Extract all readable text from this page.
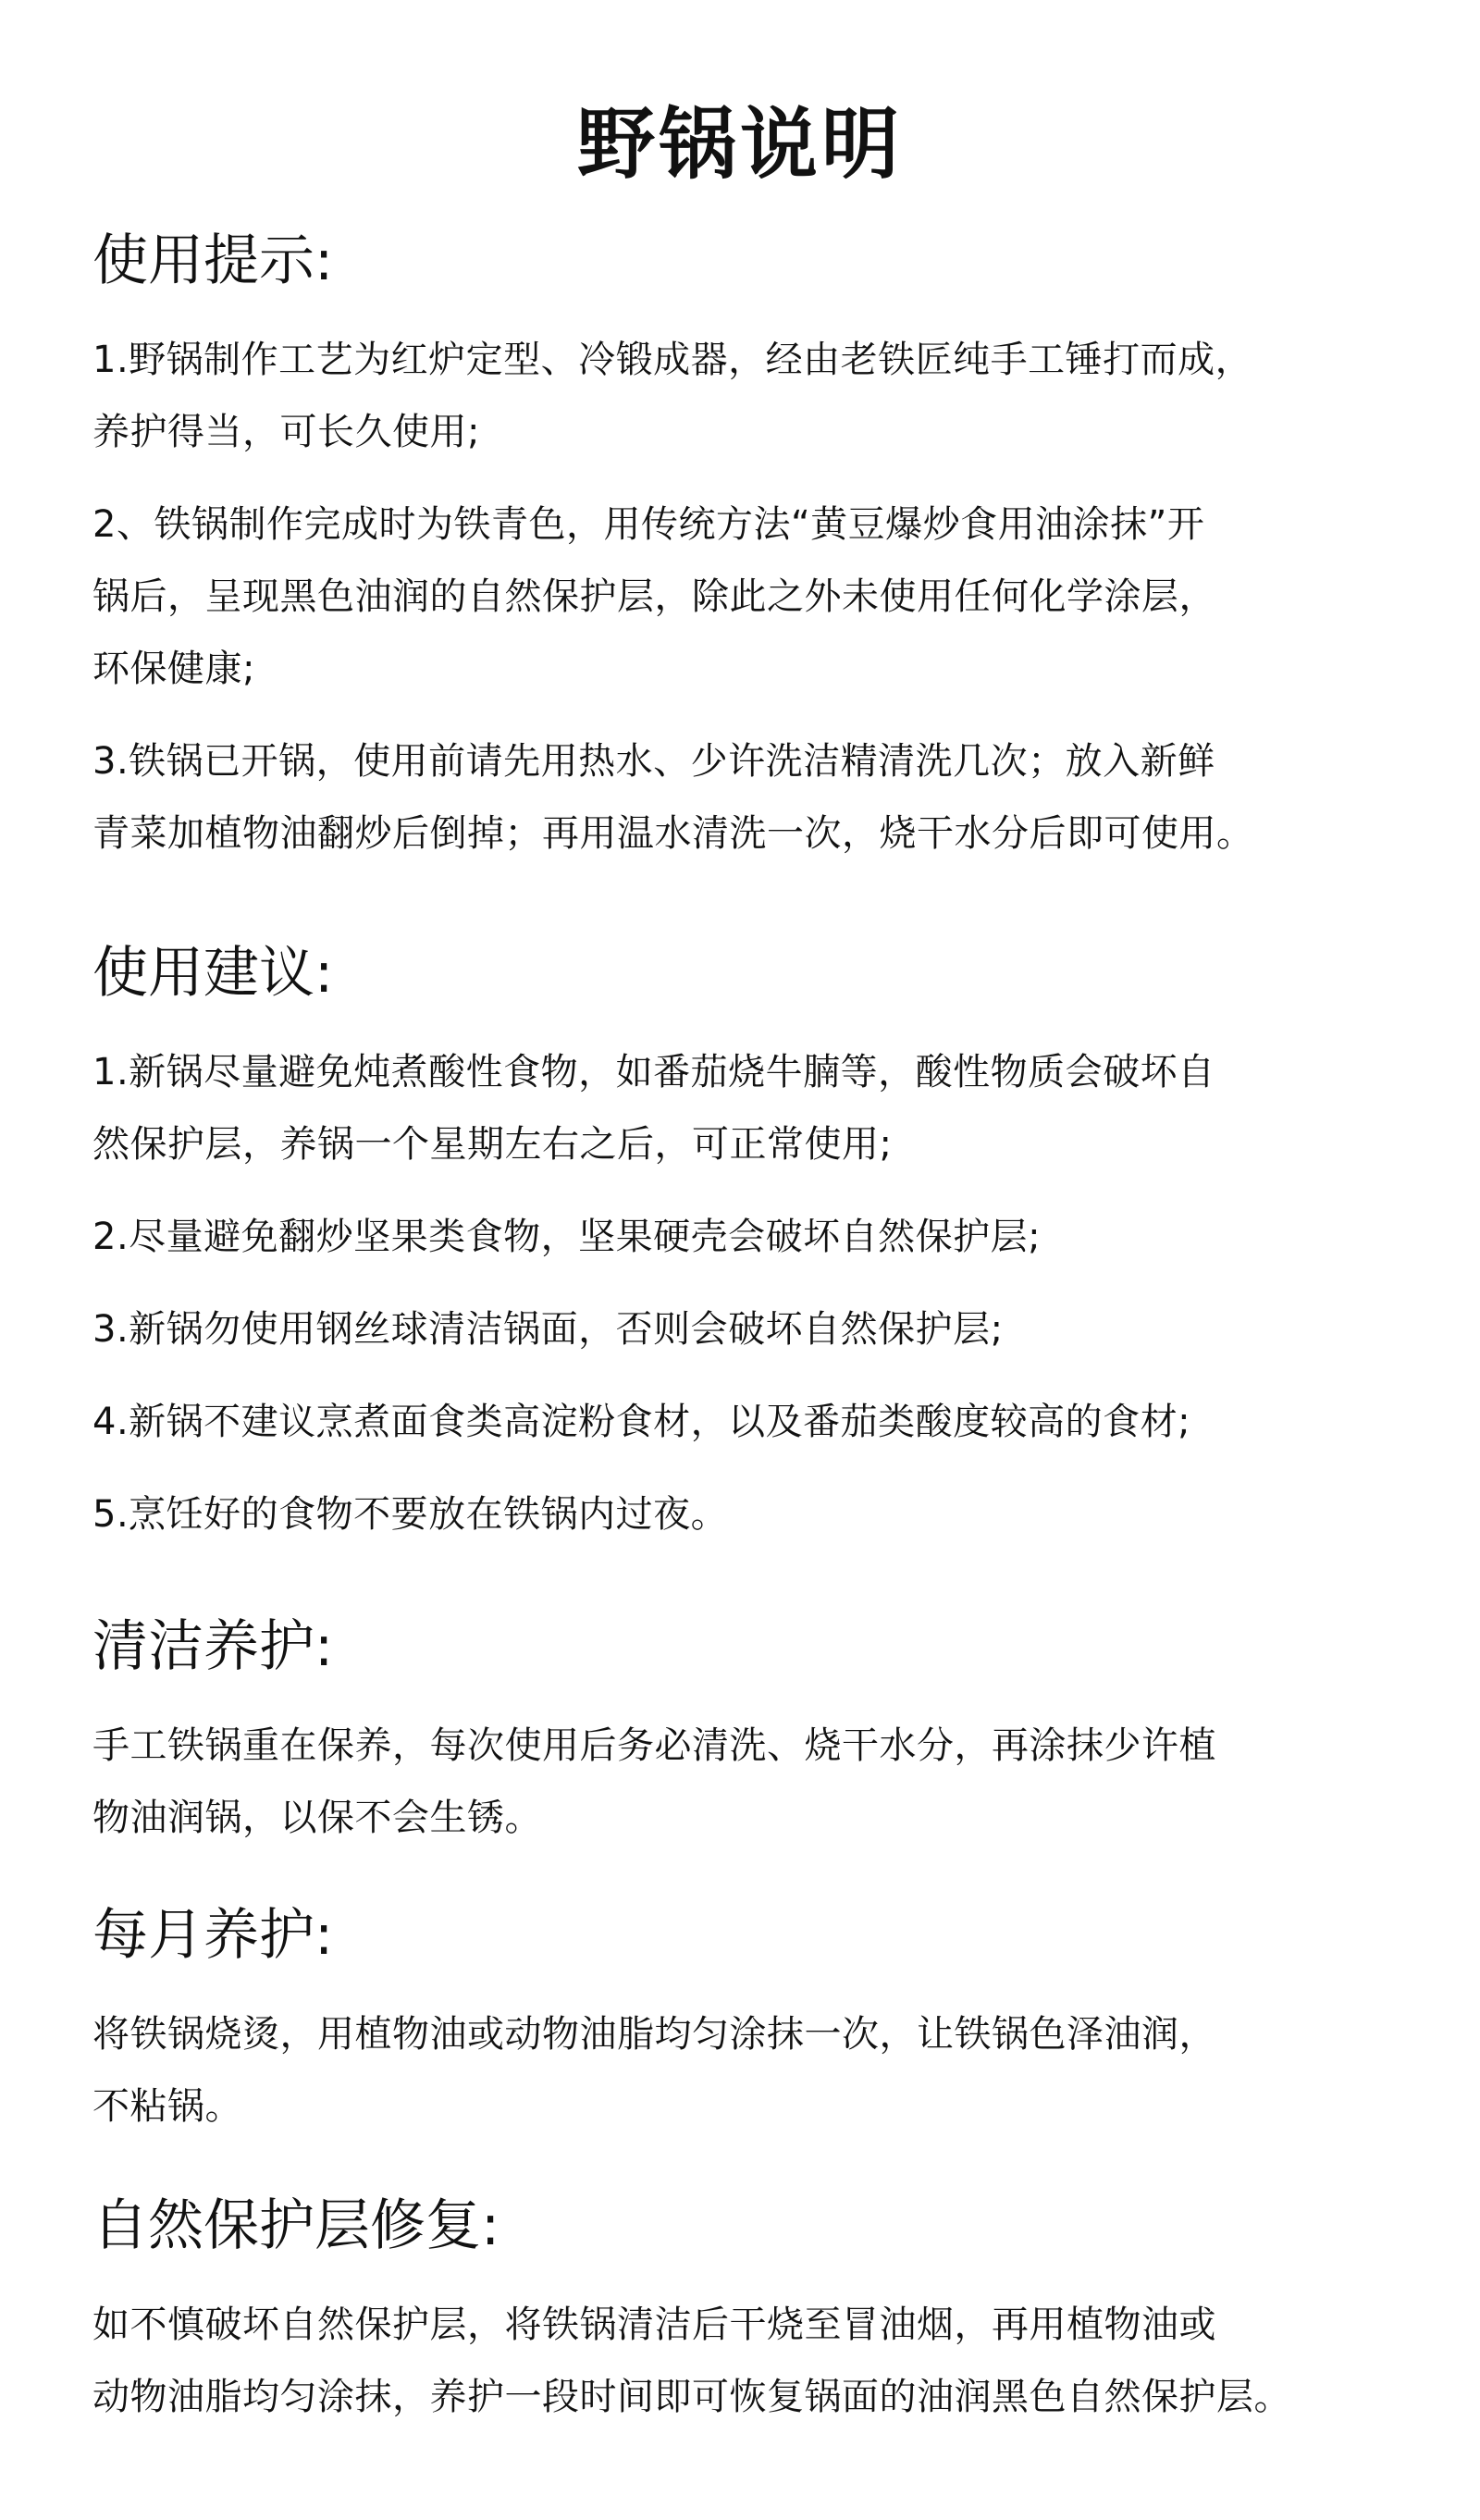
野锅说明
使用提示:

1.野锅制作工艺为红炉定型、冷锻成器，经由老铁匠纯手工锤打而成，
养护得当，可长久使用;

2、铁锅制作完成时为铁青色，用传统方法“黄豆爆炒食用油涂抹”开
锅后，呈现黑色油润的自然保护层，除此之外未使用任何化学涂层，
环保健康;

3.铁锅已开锅，使用前请先用热水、少许洗洁精清洗几次；放入新鲜
青菜加植物油翻炒后倒掉；再用温水清洗一次，烧干水分后即可使用。

使用建议:

1.新锅尽量避免炖煮酸性食物，如番茄烧牛腩等，酸性物质会破坏自
然保护层，养锅一个星期左右之后，可正常使用;

2.尽量避免翻炒坚果类食物，坚果硬壳会破坏自然保护层;

3.新锅勿使用钢丝球清洁锅面，否则会破坏自然保护层;

4.新锅不建议烹煮面食类高淀粉食材，以及番茄类酸度较高的食材;

5.烹饪好的食物不要放在铁锅内过夜。

清洁养护:

手工铁锅重在保养，每次使用后务必清洗、烧干水分，再涂抹少许植
物油润锅，以保不会生锈。

每月养护:

将铁锅烧烫，用植物油或动物油脂均匀涂抹一次，让铁锅色泽油润，
不粘锅。

自然保护层修复:

如不慎破坏自然保护层，将铁锅清洁后干烧至冒油烟，再用植物油或
动物油脂均匀涂抹，养护一段时间即可恢复锅面的油润黑色自然保护层。
